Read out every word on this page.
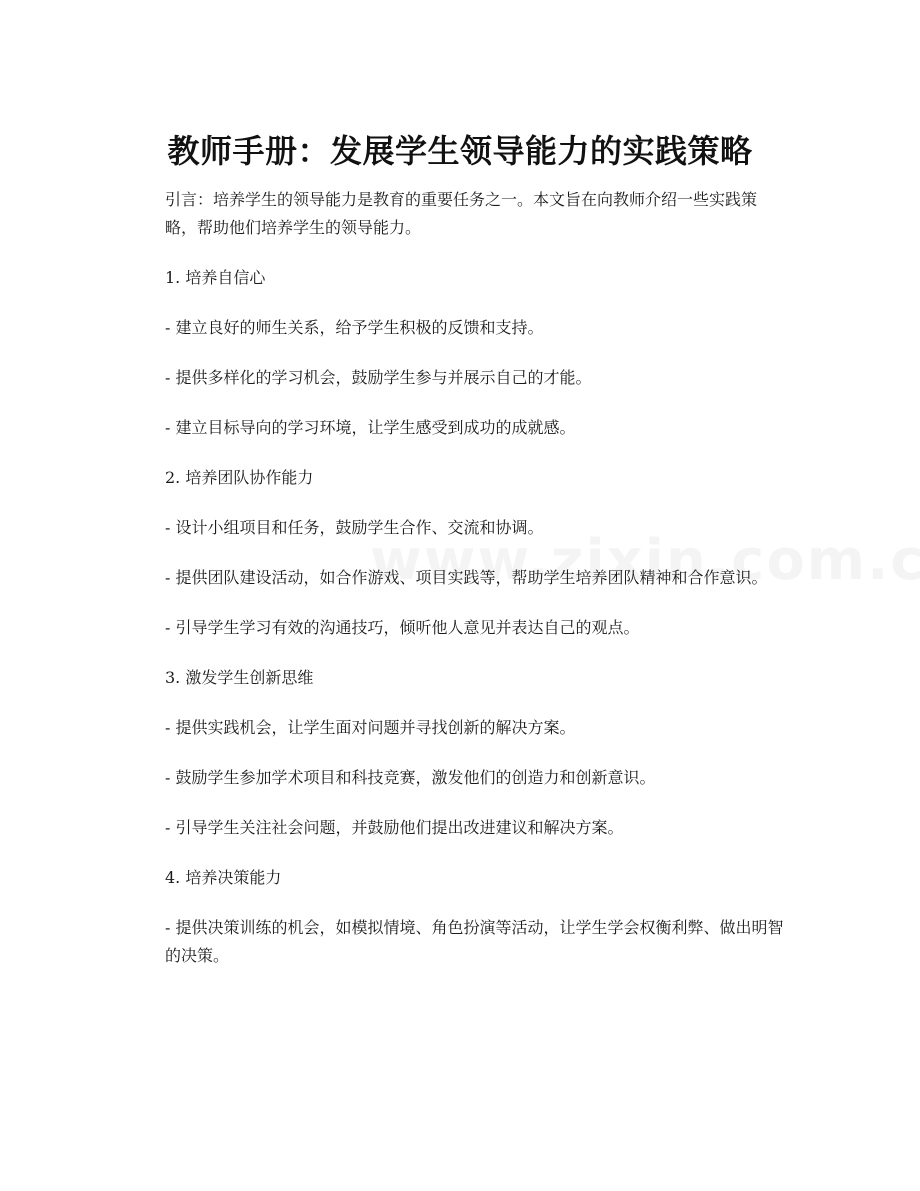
教师手册：发展学生领导能力的实践策略

引言：培养学生的领导能力是教育的重要任务之一。本文旨在向教师介绍一些实践策略，帮助他们培养学生的领导能力。

1. 培养自信心

- 建立良好的师生关系，给予学生积极的反馈和支持。

- 提供多样化的学习机会，鼓励学生参与并展示自己的才能。

- 建立目标导向的学习环境，让学生感受到成功的成就感。

2. 培养团队协作能力

- 设计小组项目和任务，鼓励学生合作、交流和协调。

- 提供团队建设活动，如合作游戏、项目实践等，帮助学生培养团队精神和合作意识。

- 引导学生学习有效的沟通技巧，倾听他人意见并表达自己的观点。

3. 激发学生创新思维

- 提供实践机会，让学生面对问题并寻找创新的解决方案。

- 鼓励学生参加学术项目和科技竞赛，激发他们的创造力和创新意识。

- 引导学生关注社会问题，并鼓励他们提出改进建议和解决方案。

4. 培养决策能力

- 提供决策训练的机会，如模拟情境、角色扮演等活动，让学生学会权衡利弊、做出明智的决策。
